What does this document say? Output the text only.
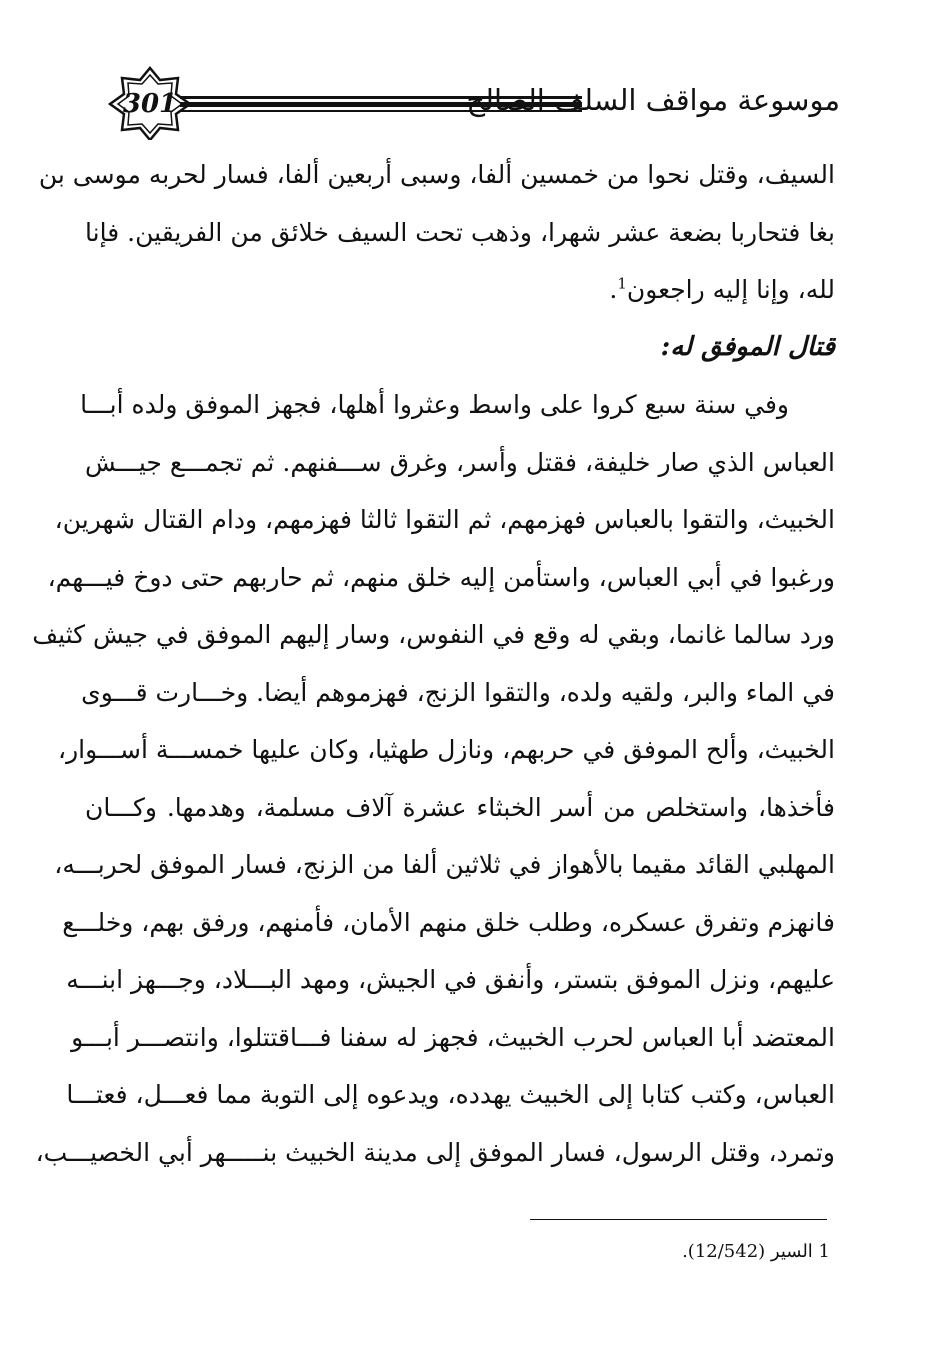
301	موسوعة مواقف السلف الصالح
السيف، وقتل نحوا من خمسين ألفا، وسبى أربعين ألفا، فسار لحربه موسى بن
بغا فتحاربا بضعة عشر شهرا، وذهب تحت السيف خلائق من الفريقين. فإنا
لله، وإنا إليه راجعون$^1$.
قتال الموفق له:
وفي سنة سبع كروا على واسط وعثروا أهلها، فجهز الموفق ولده أبـــا
العباس الذي صار خليفة، فقتل وأسر، وغرق ســـفنهم. ثم تجمـــع جيـــش
الخبيث، والتقوا بالعباس فهزمهم، ثم التقوا ثالثا فهزمهم، ودام القتال شهرين،
ورغبوا في أبي العباس، واستأمن إليه خلق منهم، ثم حاربهم حتى دوخ فيـــهم،
ورد سالما غانما، وبقي له وقع في النفوس، وسار إليهم الموفق في جيش كثيف
في الماء والبر، ولقيه ولده، والتقوا الزنج، فهزموهم أيضا. وخـــارت قـــوى
الخبيث، وألح الموفق في حربهم، ونازل طهثيا، وكان عليها خمســـة أســـوار،
فأخذها، واستخلص من أسر الخبثاء عشرة آلاف مسلمة، وهدمها. وكـــان
المهلبي القائد مقيما بالأهواز في ثلاثين ألفا من الزنج، فسار الموفق لحربـــه،
فانهزم وتفرق عسكره، وطلب خلق منهم الأمان، فأمنهم، ورفق بهم، وخلـــع
عليهم، ونزل الموفق بتستر، وأنفق في الجيش، ومهد البـــلاد، وجـــهز ابنـــه
المعتضد أبا العباس لحرب الخبيث، فجهز له سفنا فـــاقتتلوا، وانتصـــر أبـــو
العباس، وكتب كتابا إلى الخبيث يهدده، ويدعوه إلى التوبة مما فعـــل، فعتـــا
وتمرد، وقتل الرسول، فسار الموفق إلى مدينة الخبيث بنـــــهر أبي الخصيـــب،
1 السير (12/542).
